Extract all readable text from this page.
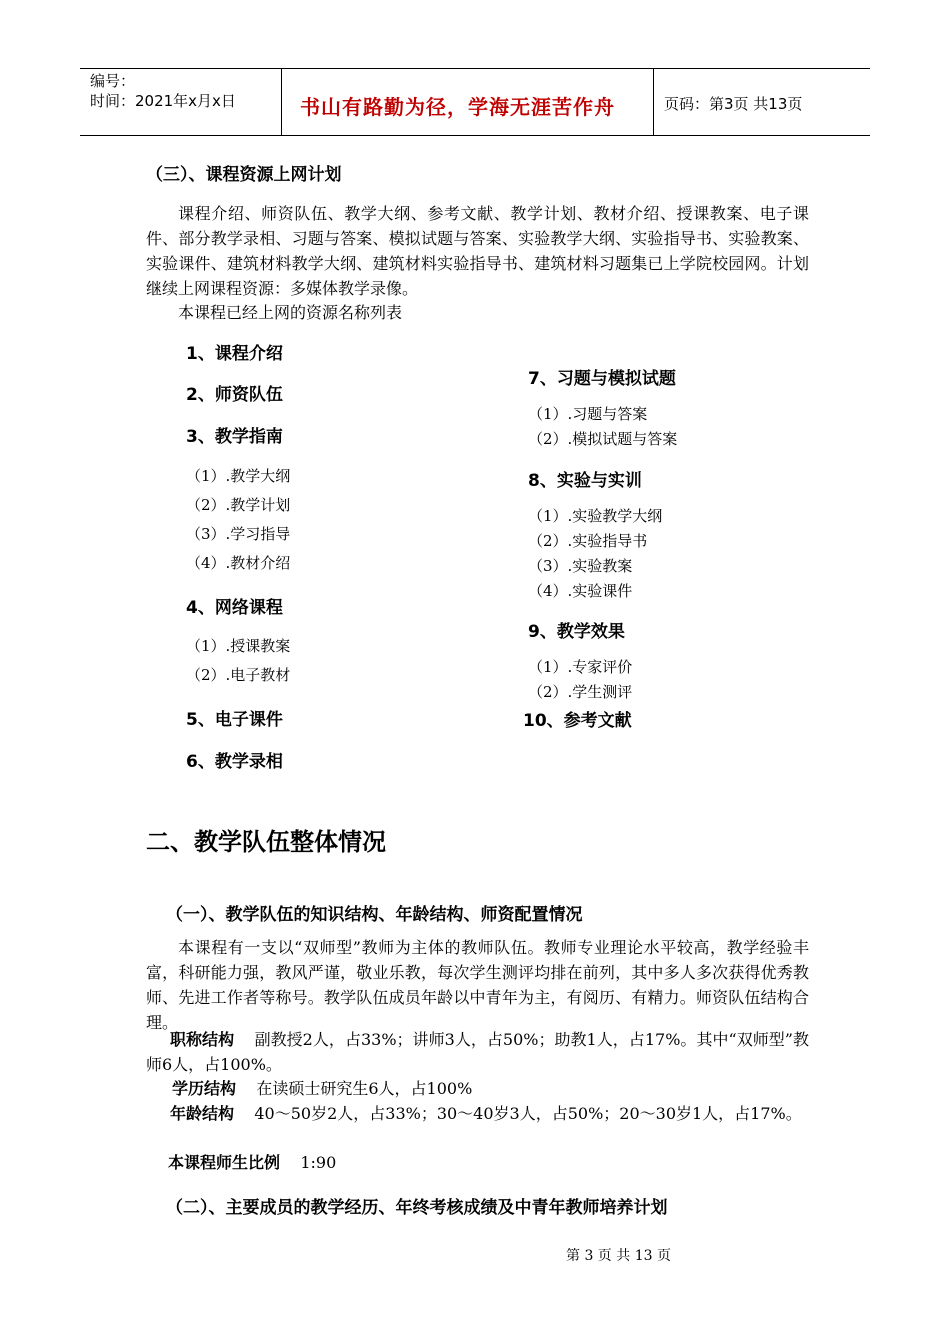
编号：
时间：2021年x月x日	书山有路勤为径，学海无涯苦作舟	页码：第3页 共13页
（三）、课程资源上网计划
课程介绍、师资队伍、教学大纲、参考文献、教学计划、教材介绍、授课教案、电子课件、部分教学录相、习题与答案、模拟试题与答案、实验教学大纲、实验指导书、实验教案、实验课件、建筑材料教学大纲、建筑材料实验指导书、建筑材料习题集已上学院校园网。计划继续上网课程资源：多媒体教学录像。
本课程已经上网的资源名称列表
1、课程介绍
2、师资队伍
3、教学指南
（1）.教学大纲
（2）.教学计划
（3）.学习指导
（4）.教材介绍
4、网络课程
（1）.授课教案
（2）.电子教材
5、电子课件
6、教学录相
7、习题与模拟试题
（1）.习题与答案
（2）.模拟试题与答案
8、实验与实训
（1）.实验教学大纲
（2）.实验指导书
（3）.实验教案
（4）.实验课件
9、教学效果
（1）.专家评价
（2）.学生测评
10、参考文献
二、教学队伍整体情况
（一）、教学队伍的知识结构、年龄结构、师资配置情况
本课程有一支以“双师型”教师为主体的教师队伍。教师专业理论水平较高，教学经验丰富，科研能力强，教风严谨，敬业乐教，每次学生测评均排在前列，其中多人多次获得优秀教师、先进工作者等称号。教学队伍成员年龄以中青年为主，有阅历、有精力。师资队伍结构合理。
职称结构 副教授2人，占33%；讲师3人，占50%；助教1人，占17%。其中“双师型”教师6人，占100%。
学历结构 在读硕士研究生6人，占100%
年龄结构 40～50岁2人，占33%；30～40岁3人，占50%；20～30岁1人，占17%。
本课程师生比例 1:90
（二）、主要成员的教学经历、年终考核成绩及中青年教师培养计划
第 3 页 共 13 页
